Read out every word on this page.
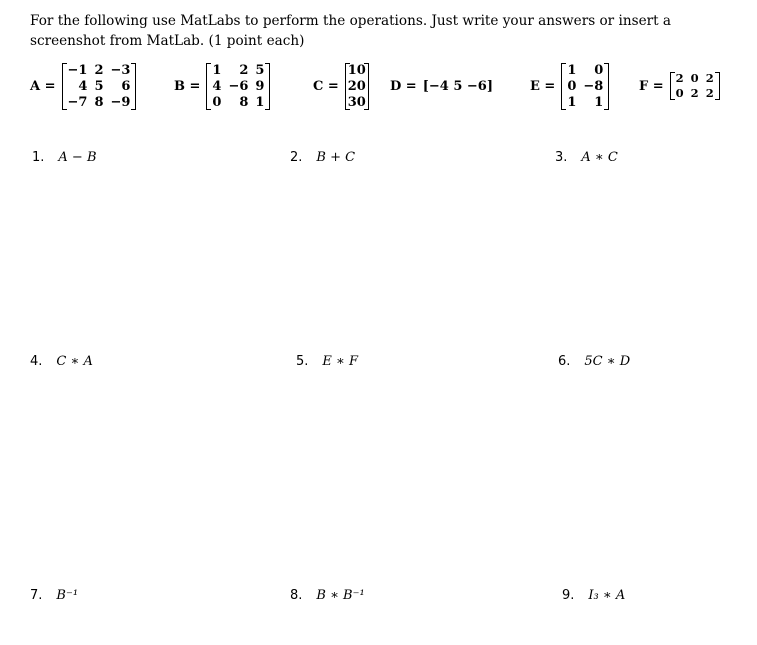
For the following use MatLabs to perform the operations. Just write your answers or insert a screenshot from MatLab. (1 point each)
A =
−1 2 −3
4 5	6
−7 8 −9
B =
1	2 5
4 −6 9
0	8 1
C =
10
20
30
D = [−4 5 −6]	E =
1	0
0 −8
1	1
F =
2 0 2
0 2 2
1. A − B	2. B + C	3. A ∗ C
4. C ∗ A	5. E ∗ F	6. 5C ∗ D
7. B⁻¹	8. B ∗ B⁻¹	9. I₃ ∗ A
